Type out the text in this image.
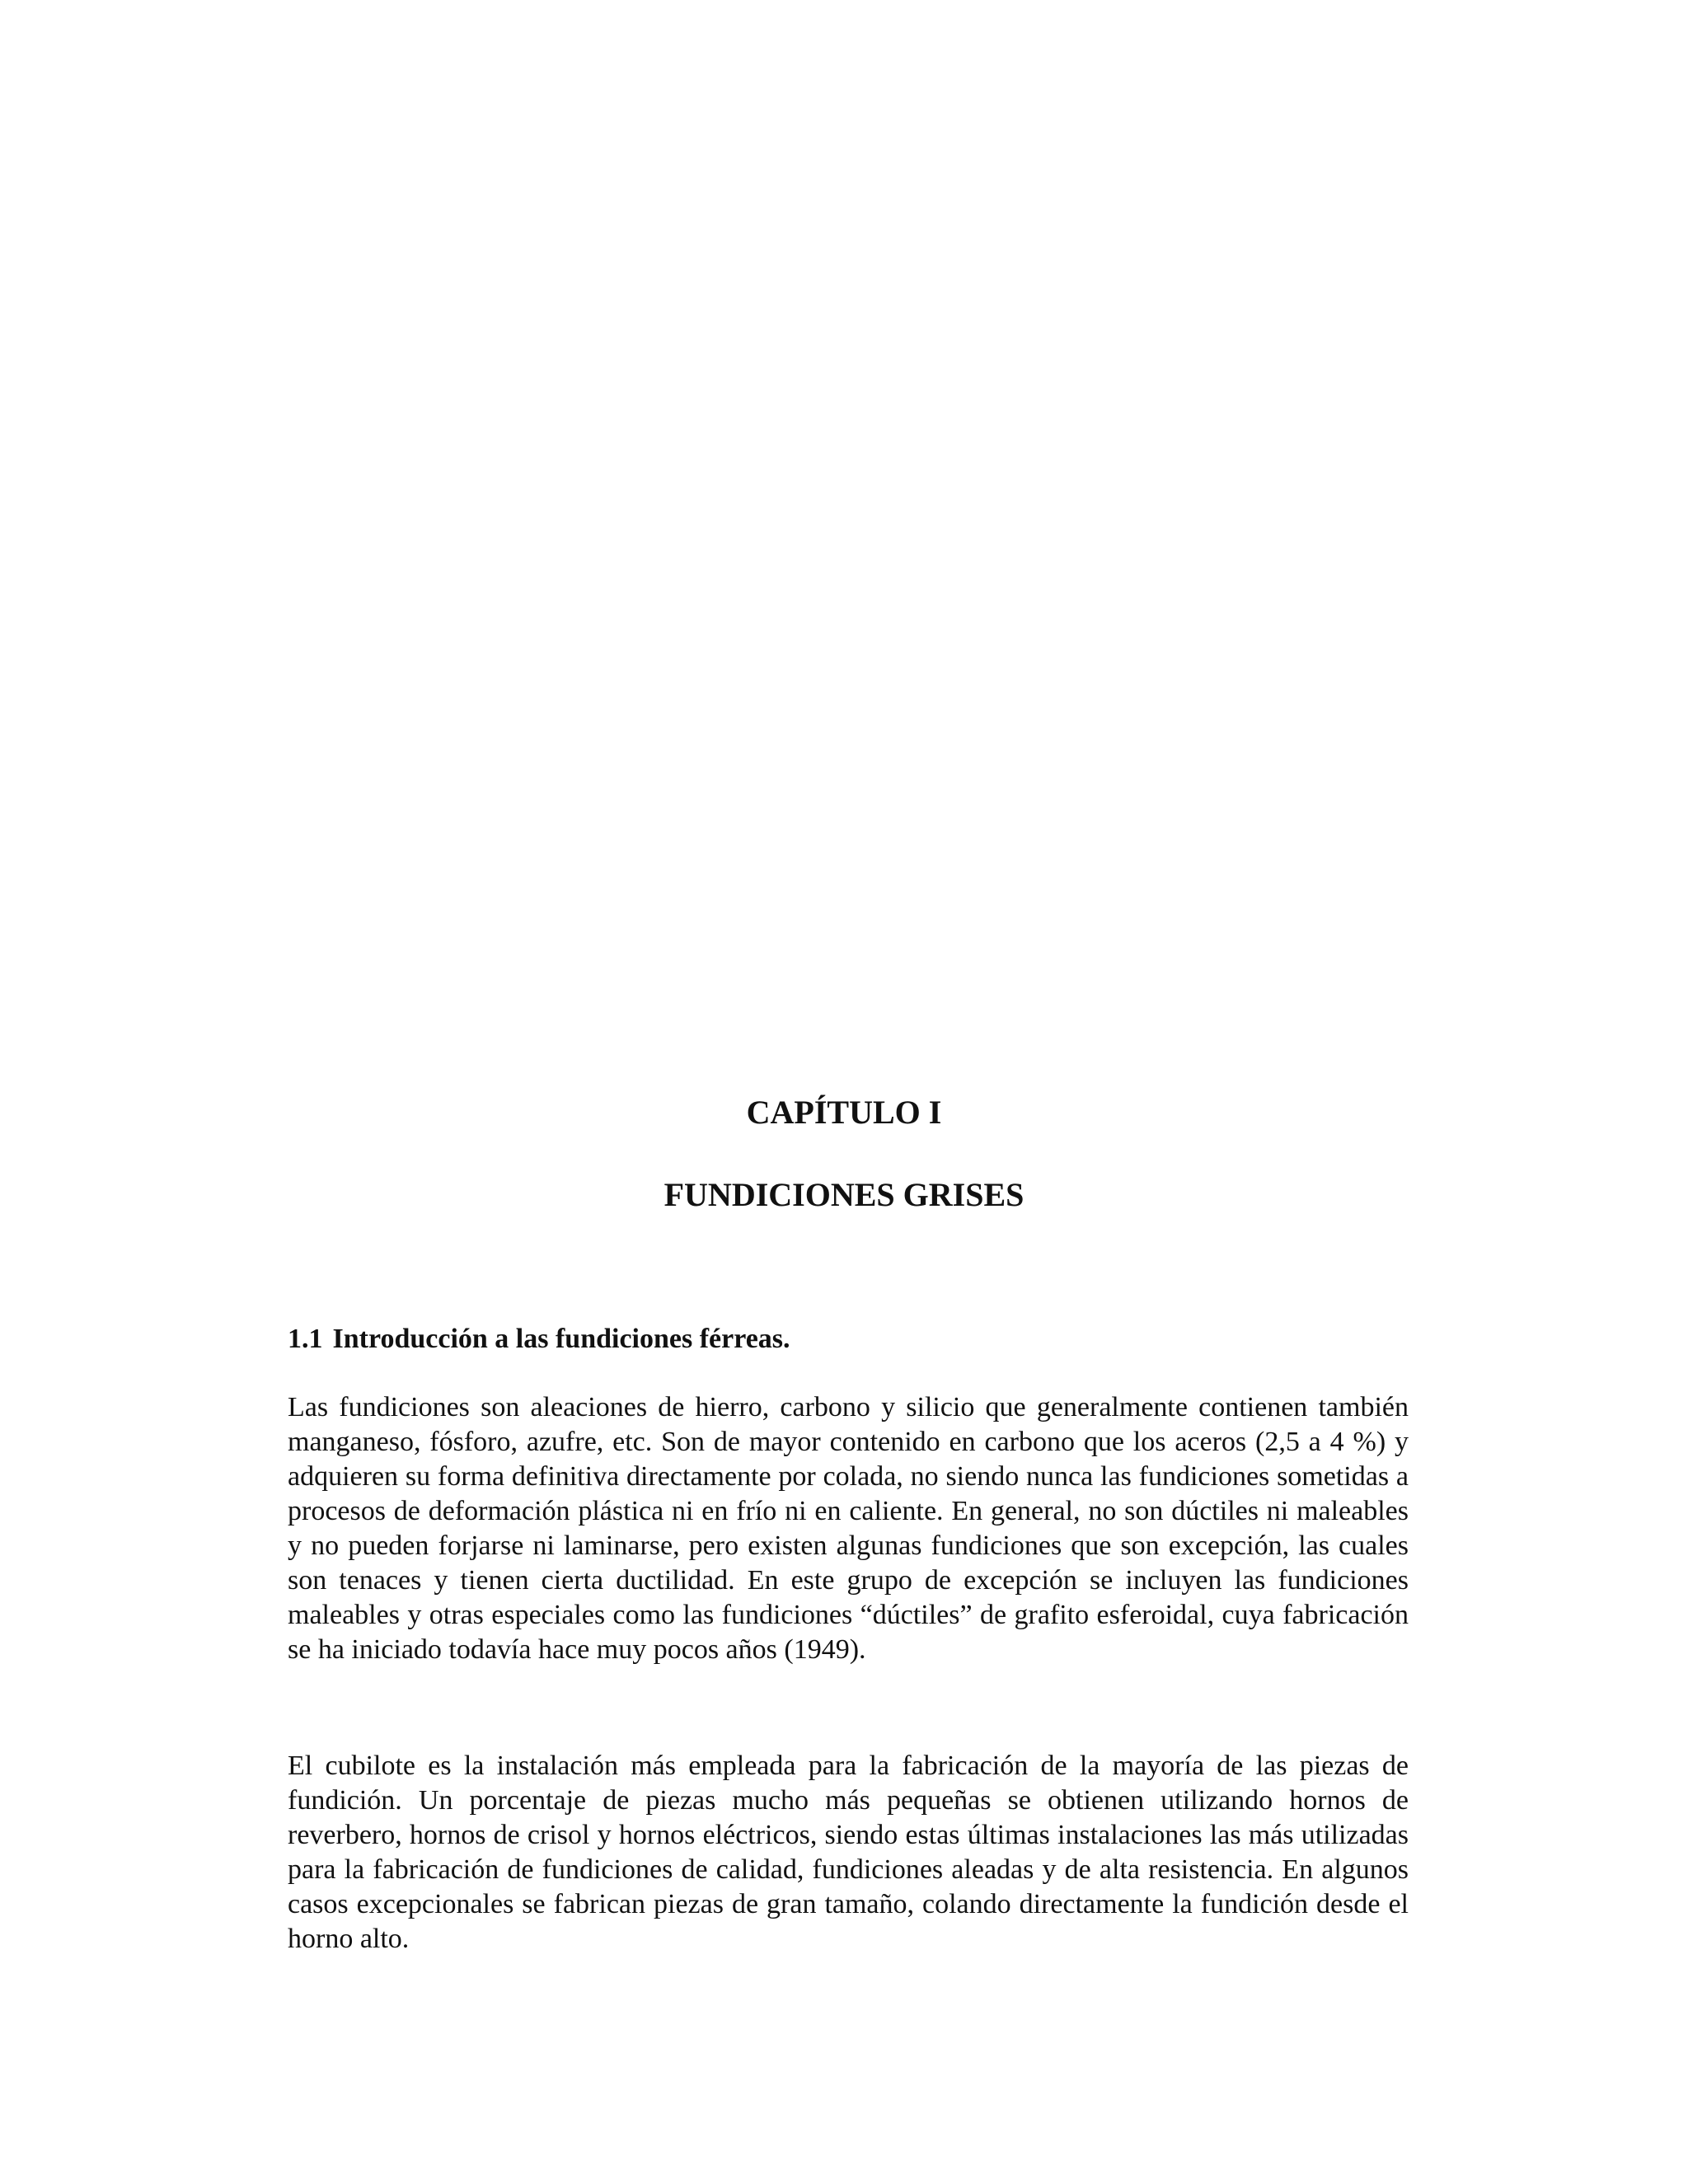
CAPÍTULO I
FUNDICIONES GRISES
1.1 Introducción a las fundiciones férreas.

Las fundiciones son aleaciones de hierro, carbono y silicio que generalmente contienen también manganeso, fósforo, azufre, etc. Son de mayor contenido en carbono que los aceros (2,5 a 4 %) y adquieren su forma definitiva directamente por colada, no siendo nunca las fundiciones sometidas a procesos de deformación plástica ni en frío ni en caliente. En general, no son dúctiles ni maleables y no pueden forjarse ni laminarse, pero existen algunas fundiciones que son excepción, las cuales son tenaces y tienen cierta ductilidad. En este grupo de excepción se incluyen las fundiciones maleables y otras especiales como las fundiciones “dúctiles” de grafito esferoidal, cuya fabricación se ha iniciado todavía hace muy pocos años (1949).

El cubilote es la instalación más empleada para la fabricación de la mayoría de las piezas de fundición. Un porcentaje de piezas mucho más pequeñas se obtienen utilizando hornos de reverbero, hornos de crisol y hornos eléctricos, siendo estas últimas instalaciones las más utilizadas para la fabricación de fundiciones de calidad, fundiciones aleadas y de alta resistencia. En algunos casos excepcionales se fabrican piezas de gran tamaño, colando directamente la fundición desde el horno alto.
